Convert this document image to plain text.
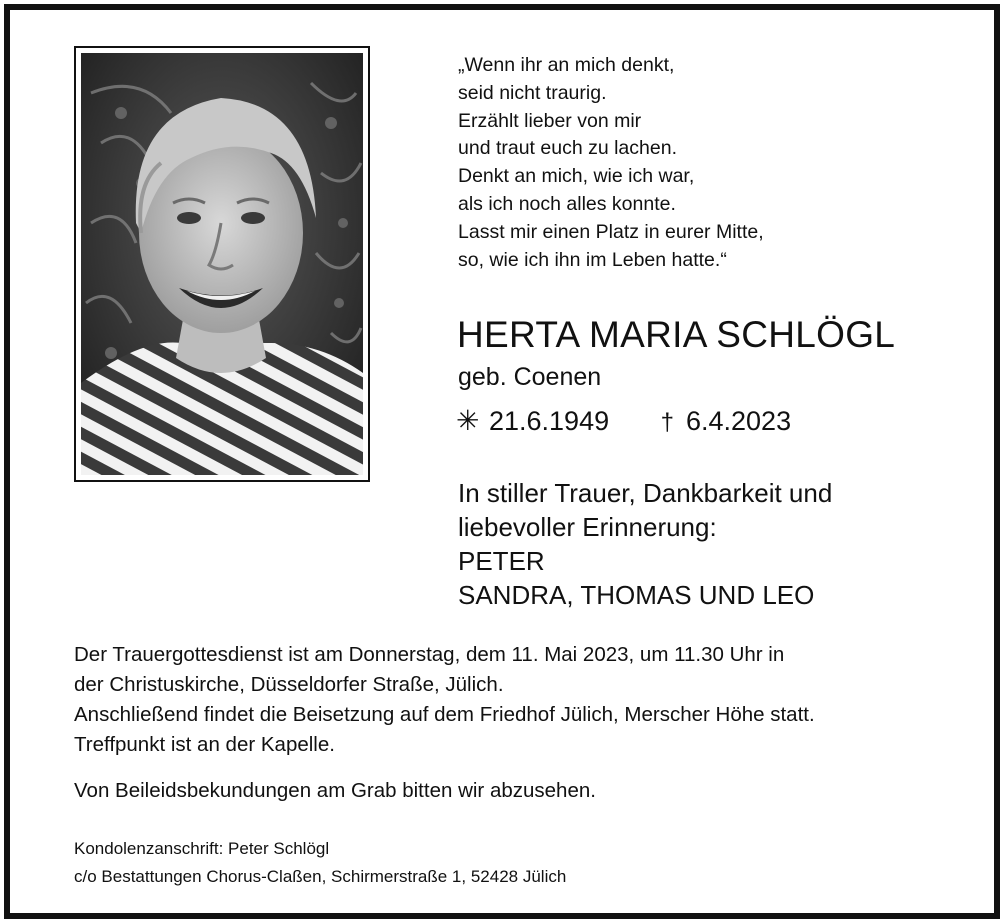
„Wenn ihr an mich denkt,
seid nicht traurig.
Erzählt lieber von mir
und traut euch zu lachen.
Denkt an mich, wie ich war,
als ich noch alles konnte.
Lasst mir einen Platz in eurer Mitte,
so, wie ich ihn im Leben hatte.“
HERTA MARIA SCHLÖGL
geb. Coenen
✳ 21.6.1949 † 6.4.2023
In stiller Trauer, Dankbarkeit und
liebevoller Erinnerung:
PETER
SANDRA, THOMAS UND LEO
Der Trauergottesdienst ist am Donnerstag, dem 11. Mai 2023, um 11.30 Uhr in
der Christuskirche, Düsseldorfer Straße, Jülich.
Anschließend findet die Beisetzung auf dem Friedhof Jülich, Merscher Höhe statt.
Treffpunkt ist an der Kapelle.
Von Beileidsbekundungen am Grab bitten wir abzusehen.
Kondolenzanschrift: Peter Schlögl
c/o Bestattungen Chorus-Claßen, Schirmerstraße 1, 52428 Jülich
